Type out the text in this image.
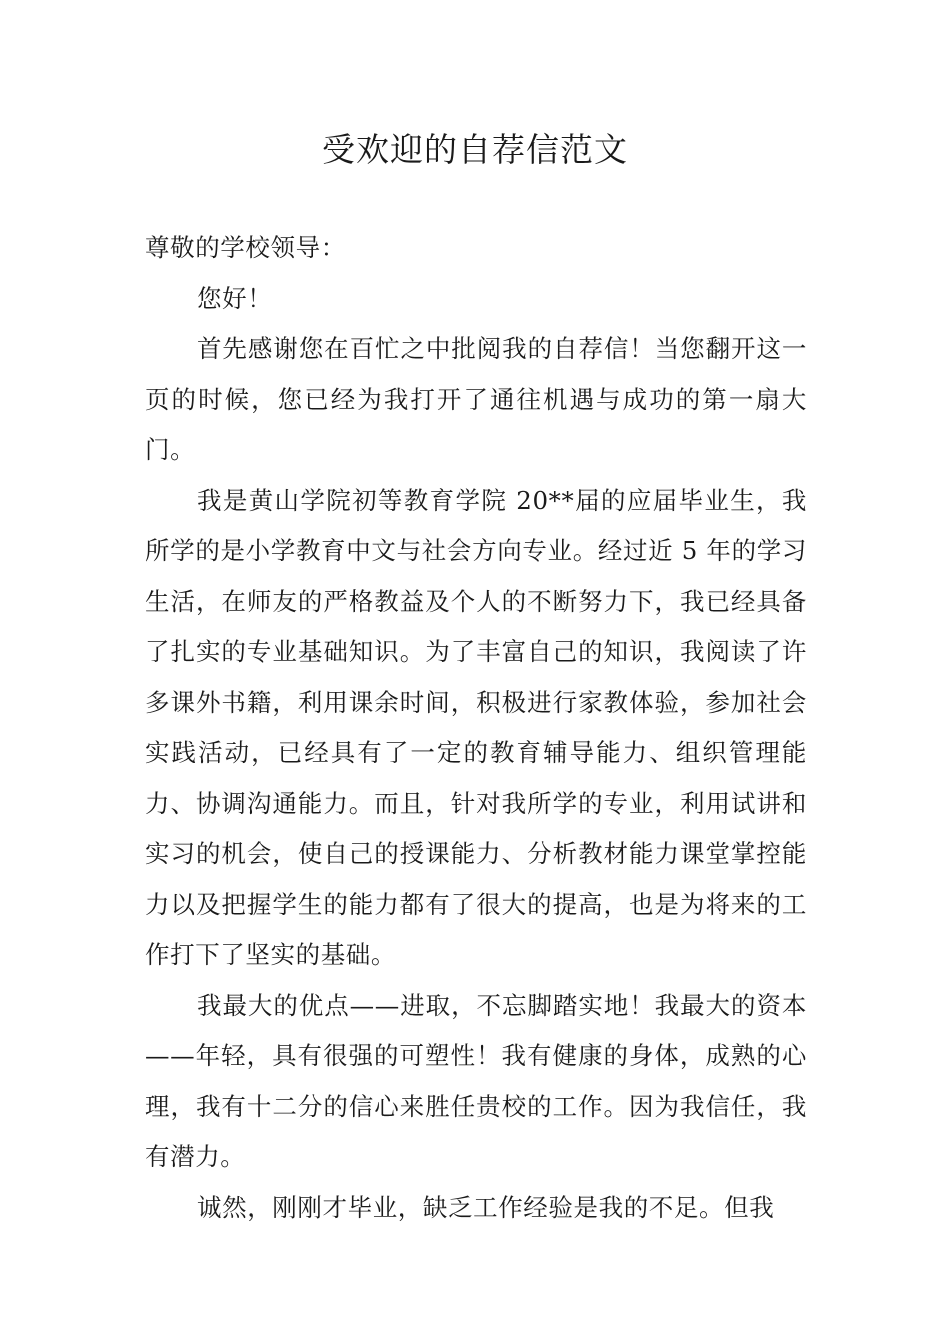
受欢迎的自荐信范文

尊敬的学校领导：

您好！

首先感谢您在百忙之中批阅我的自荐信！当您翻开这一页的时候，您已经为我打开了通往机遇与成功的第一扇大门。

我是黄山学院初等教育学院 20**届的应届毕业生，我所学的是小学教育中文与社会方向专业。经过近 5 年的学习生活，在师友的严格教益及个人的不断努力下，我已经具备了扎实的专业基础知识。为了丰富自己的知识，我阅读了许多课外书籍，利用课余时间，积极进行家教体验，参加社会实践活动，已经具有了一定的教育辅导能力、组织管理能力、协调沟通能力。而且，针对我所学的专业，利用试讲和实习的机会，使自己的授课能力、分析教材能力课堂掌控能力以及把握学生的能力都有了很大的提高，也是为将来的工作打下了坚实的基础。

我最大的优点——进取，不忘脚踏实地！我最大的资本——年轻，具有很强的可塑性！我有健康的身体，成熟的心理，我有十二分的信心来胜任贵校的工作。因为我信任，我有潜力。

诚然，刚刚才毕业，缺乏工作经验是我的不足。但我
